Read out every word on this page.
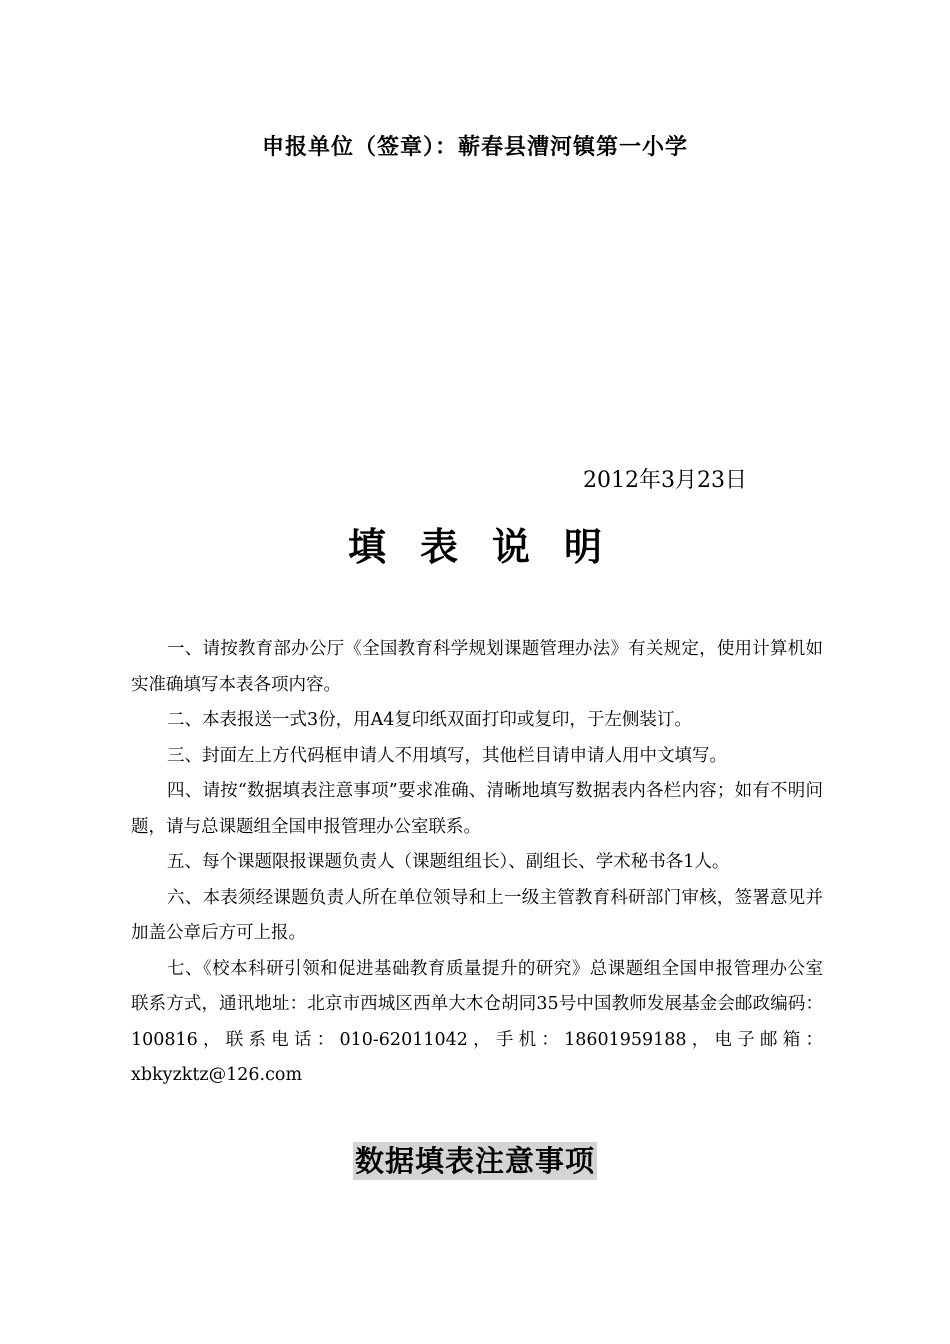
申报单位（签章）：蕲春县漕河镇第一小学
2012年3月23日
填表说明

一、请按教育部办公厅《全国教育科学规划课题管理办法》有关规定，使用计算机如实准确填写本表各项内容。

二、本表报送一式3份，用A4复印纸双面打印或复印，于左侧装订。

三、封面左上方代码框申请人不用填写，其他栏目请申请人用中文填写。

四、请按“数据填表注意事项”要求准确、清晰地填写数据表内各栏内容；如有不明问题，请与总课题组全国申报管理办公室联系。

五、每个课题限报课题负责人（课题组组长）、副组长、学术秘书各1人。

六、本表须经课题负责人所在单位领导和上一级主管教育科研部门审核，签署意见并加盖公章后方可上报。

七、《校本科研引领和促进基础教育质量提升的研究》总课题组全国申报管理办公室联系方式，通讯地址：北京市西城区西单大木仓胡同35号中国教师发展基金会邮政编码：100816，联系电话：010-62011042，手机：18601959188，电子邮箱：xbkyzktz@126.com

数据填表注意事项
